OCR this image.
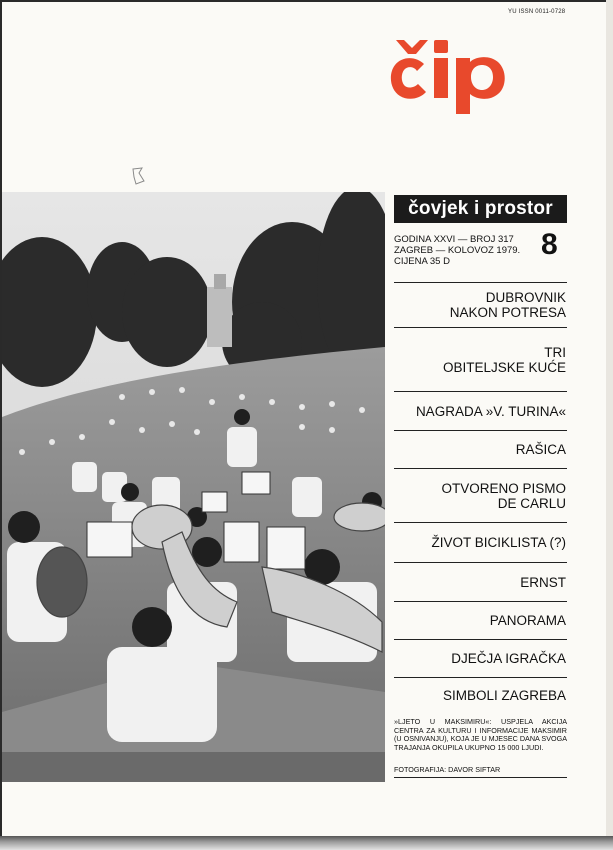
YU ISSN 0011-0728
čovjek i prostor
GODINA XXVI — BROJ 317
ZAGREB — KOLOVOZ 1979.
CIJENA 35 D
8
DUBROVNIK
NAKON POTRESA
TRI
OBITELJSKE KUĆE
NAGRADA »V. TURINA«
RAŠICA
OTVORENO PISMO
DE CARLU
ŽIVOT BICIKLISTA (?)
ERNST
PANORAMA
DJEČJA IGRAČKA
SIMBOLI ZAGREBA
»LJETO U MAKSIMIRU«: USPJELA AKCIJA CENTRA ZA KULTURU I INFORMACIJE MAKSIMIR (U OSNIVANJU), KOJA JE U MJESEC DANA SVOGA TRAJANJA OKUPILA UKUPNO 15 000 LJUDI.
FOTOGRAFIJA: DAVOR SIFTAR
